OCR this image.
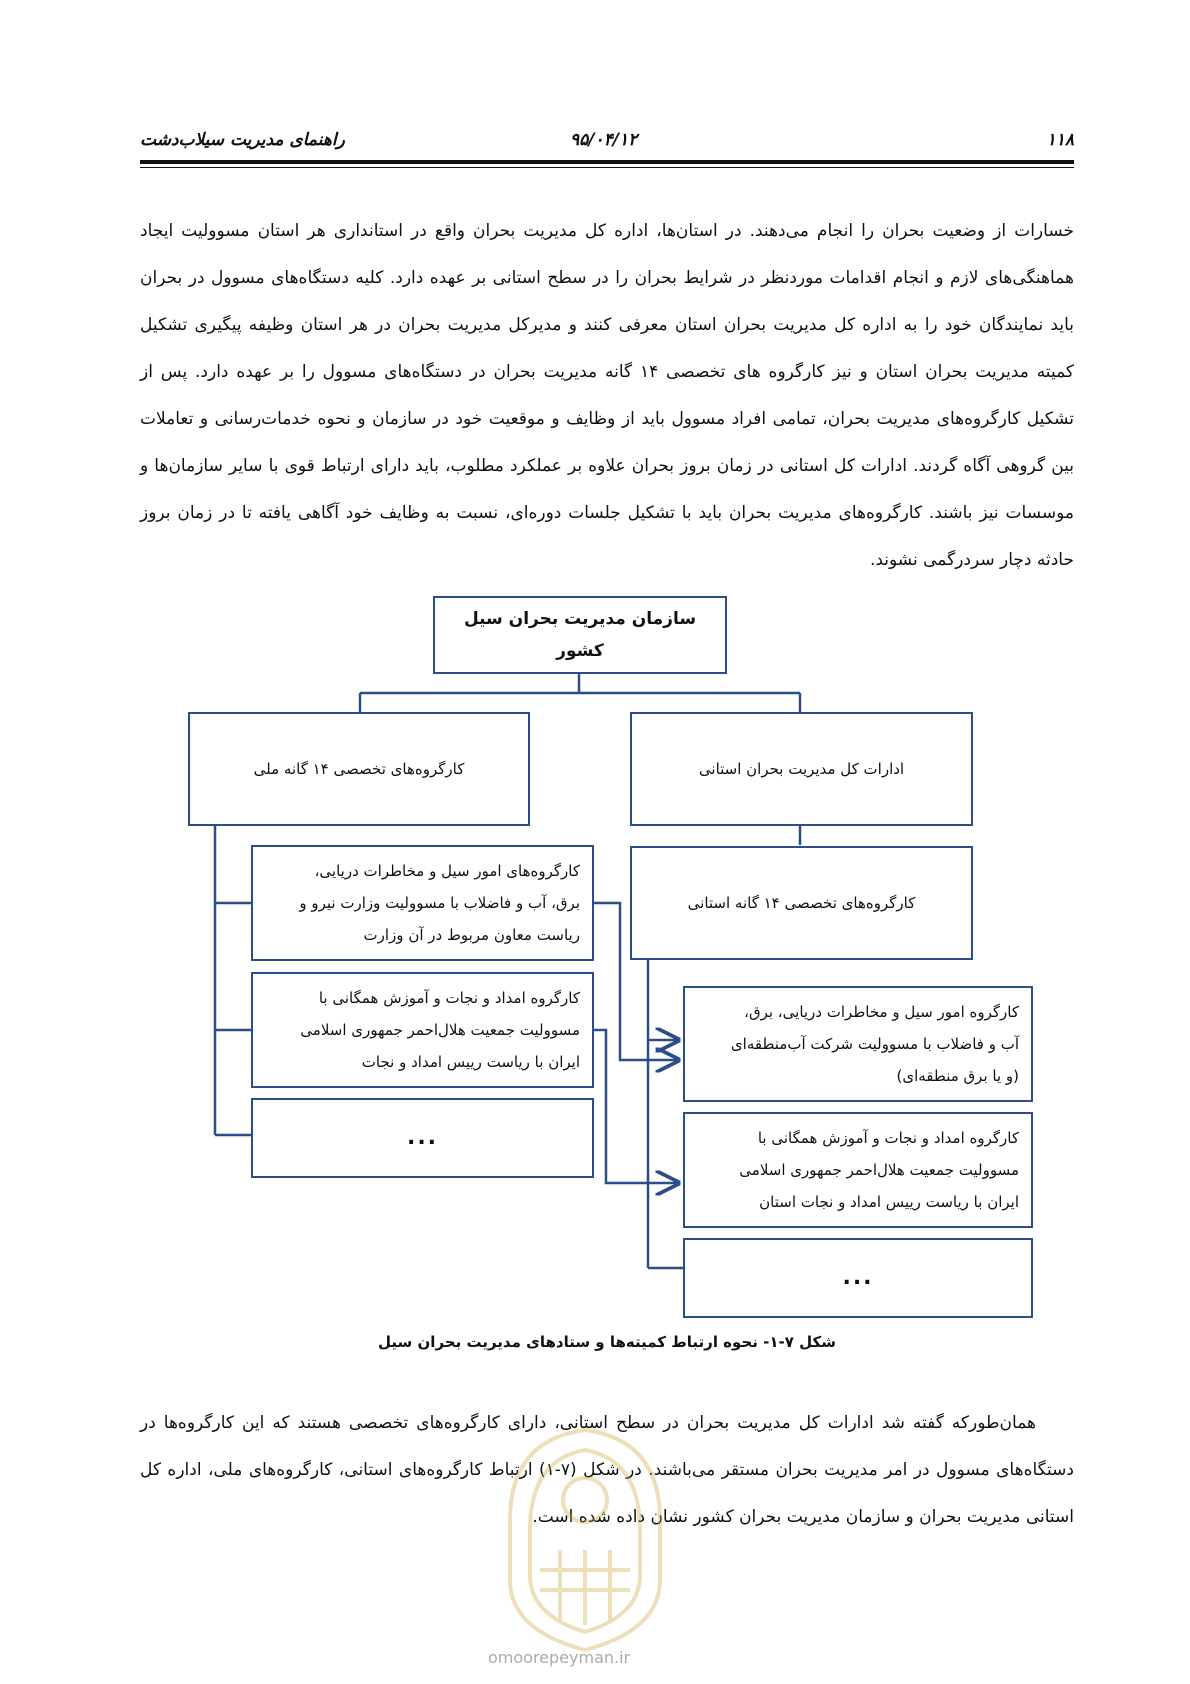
۱۱۸
۹۵/۰۴/۱۲
راهنمای مدیریت سیلاب‌دشت
خسارات از وضعیت بحران را انجام می‌دهند. در استان‌ها، اداره کل مدیریت بحران واقع در استانداری هر استان مسوولیت ایجاد هماهنگی‌های لازم و انجام اقدامات موردنظر در شرایط بحران را در سطح استانی بر عهده دارد. کلیه دستگاه‌های مسوول در بحران باید نمایندگان خود را به اداره کل مدیریت بحران استان معرفی کنند و مدیرکل مدیریت بحران در هر استان وظیفه پیگیری تشکیل کمیته مدیریت بحران استان و نیز کارگروه های تخصصی ۱۴ گانه مدیریت بحران در دستگاه‌های مسوول را بر عهده دارد. پس از تشکیل کارگروه‌های مدیریت بحران، تمامی افراد مسوول باید از وظایف و موقعیت خود در سازمان و نحوه خدمات‌رسانی و تعاملات بین گروهی آگاه گردند. ادارات کل استانی در زمان بروز بحران علاوه بر عملکرد مطلوب، باید دارای ارتباط قوی با سایر سازمان‌ها و موسسات نیز باشند. کارگروه‌های مدیریت بحران باید با تشکیل جلسات دوره‌ای، نسبت به وظایف خود آگاهی یافته تا در زمان بروز حادثه دچار سردرگمی نشوند.
سازمان مدیریت بحران سیل کشور
کارگروه‌های تخصصی ۱۴ گانه ملی	ادارات کل مدیریت بحران استانی
کارگروه‌های تخصصی ۱۴ گانه استانی
کارگروه‌های امور سیل و مخاطرات دریایی،
برق، آب و فاضلاب با مسوولیت وزارت نیرو و
ریاست معاون مربوط در آن وزارت
کارگروه امداد و نجات و آموزش همگانی با
مسوولیت جمعیت هلال‌احمر جمهوری اسلامی
ایران با ریاست رییس امداد و نجات
...
کارگروه امور سیل و مخاطرات دریایی، برق،
آب و فاضلاب با مسوولیت شرکت آب‌منطقه‌ای
(و یا برق منطقه‌ای)
کارگروه امداد و نجات و آموزش همگانی با
مسوولیت جمعیت هلال‌احمر جمهوری اسلامی
ایران با ریاست رییس امداد و نجات استان
...
شکل ۷-۱- نحوه ارتباط کمیته‌ها و ستادهای مدیریت بحران سیل
همان‌طورکه گفته شد ادارات کل مدیریت بحران در سطح استانی، دارای کارگروه‌های تخصصی هستند که این کارگروه‌ها در دستگاه‌های مسوول در امر مدیریت بحران مستقر می‌باشند. در شکل (۷-۱) ارتباط کارگروه‌های استانی، کارگروه‌های ملی، اداره کل استانی مدیریت بحران و سازمان مدیریت بحران کشور نشان داده شده است.
omoorepeyman.ir
